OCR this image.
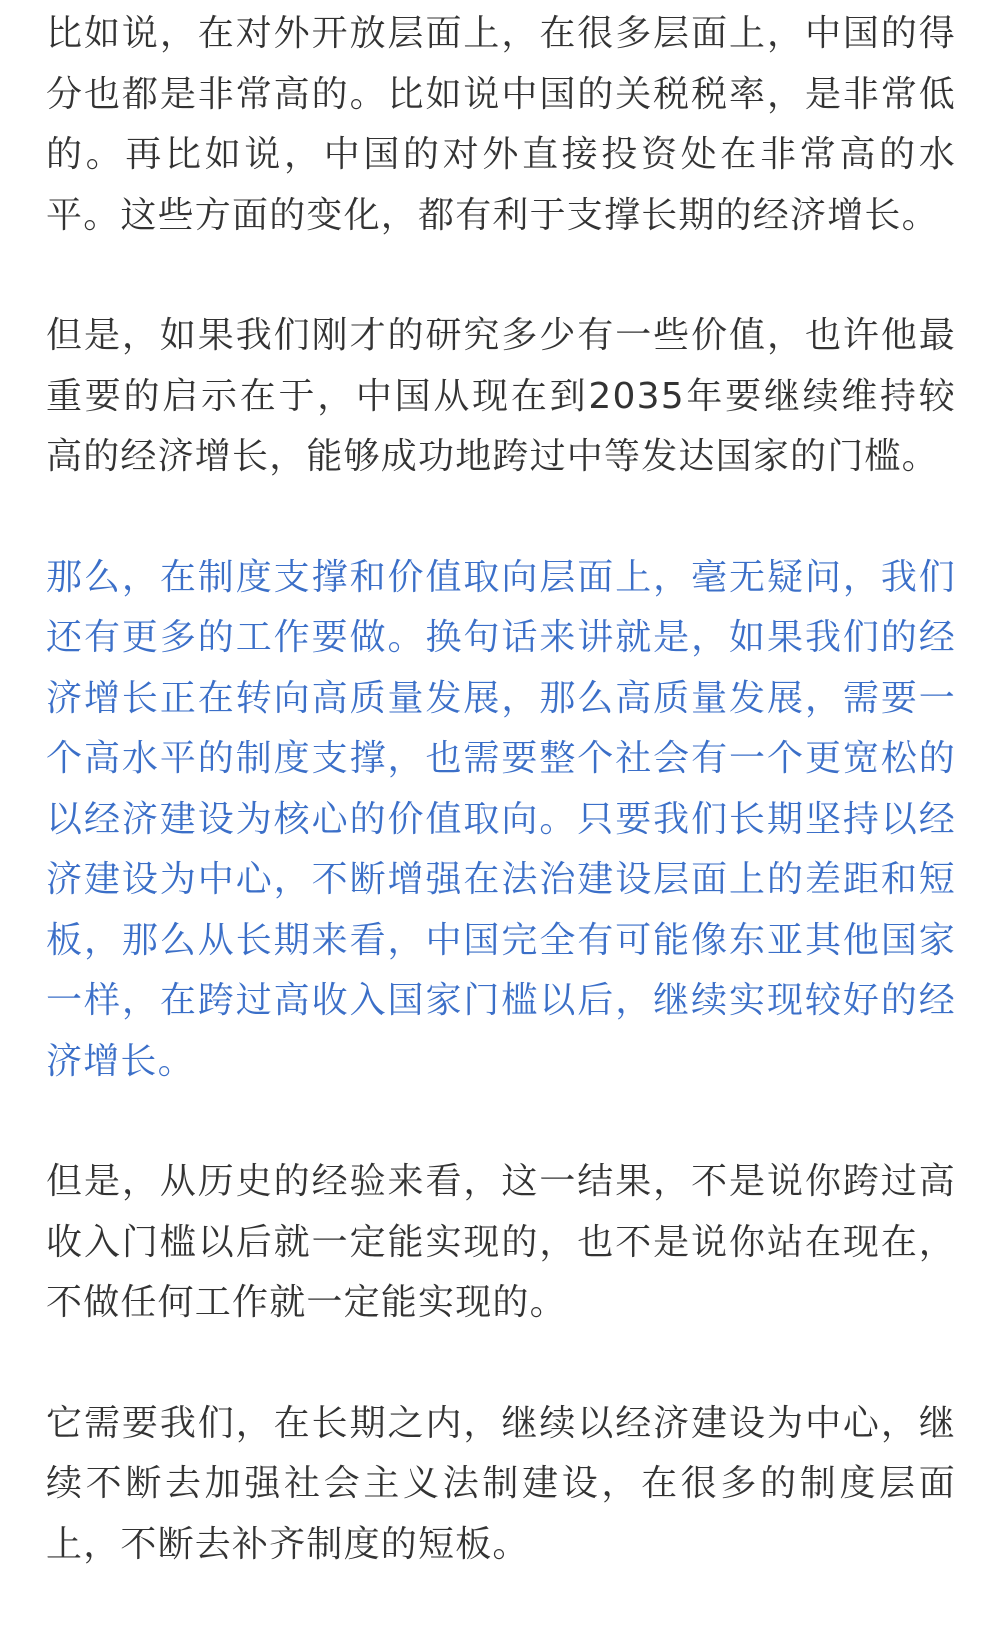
比如说，在对外开放层面上，在很多层面上，中国的得分也都是非常高的。比如说中国的关税税率，是非常低的。再比如说，中国的对外直接投资处在非常高的水平。这些方面的变化，都有利于支撑长期的经济增长。

但是，如果我们刚才的研究多少有一些价值，也许他最重要的启示在于，中国从现在到2035年要继续维持较高的经济增长，能够成功地跨过中等发达国家的门槛。

那么，在制度支撑和价值取向层面上，毫无疑问，我们还有更多的工作要做。换句话来讲就是，如果我们的经济增长正在转向高质量发展，那么高质量发展，需要一个高水平的制度支撑，也需要整个社会有一个更宽松的以经济建设为核心的价值取向。只要我们长期坚持以经济建设为中心，不断增强在法治建设层面上的差距和短板，那么从长期来看，中国完全有可能像东亚其他国家一样，在跨过高收入国家门槛以后，继续实现较好的经济增长。

但是，从历史的经验来看，这一结果，不是说你跨过高收入门槛以后就一定能实现的，也不是说你站在现在，不做任何工作就一定能实现的。

它需要我们，在长期之内，继续以经济建设为中心，继续不断去加强社会主义法制建设，在很多的制度层面上，不断去补齐制度的短板。
